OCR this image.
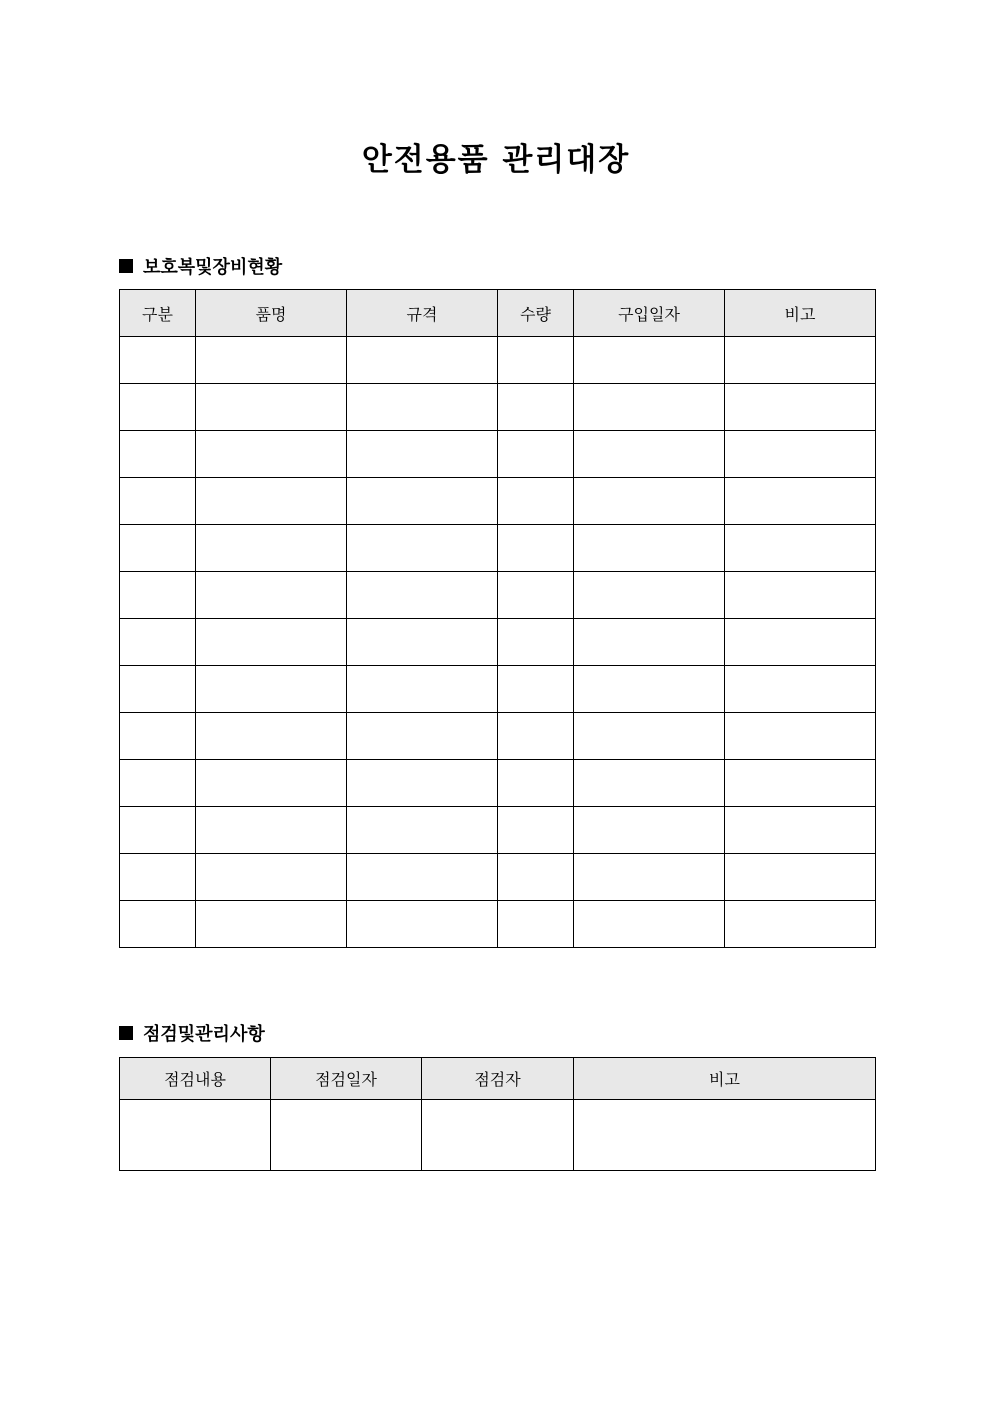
안전용품 관리대장
보호복및장비현황
구분	품명	규격	수량	구입일자	비고

점검및관리사항
점검내용	점검일자	점검자	비고
